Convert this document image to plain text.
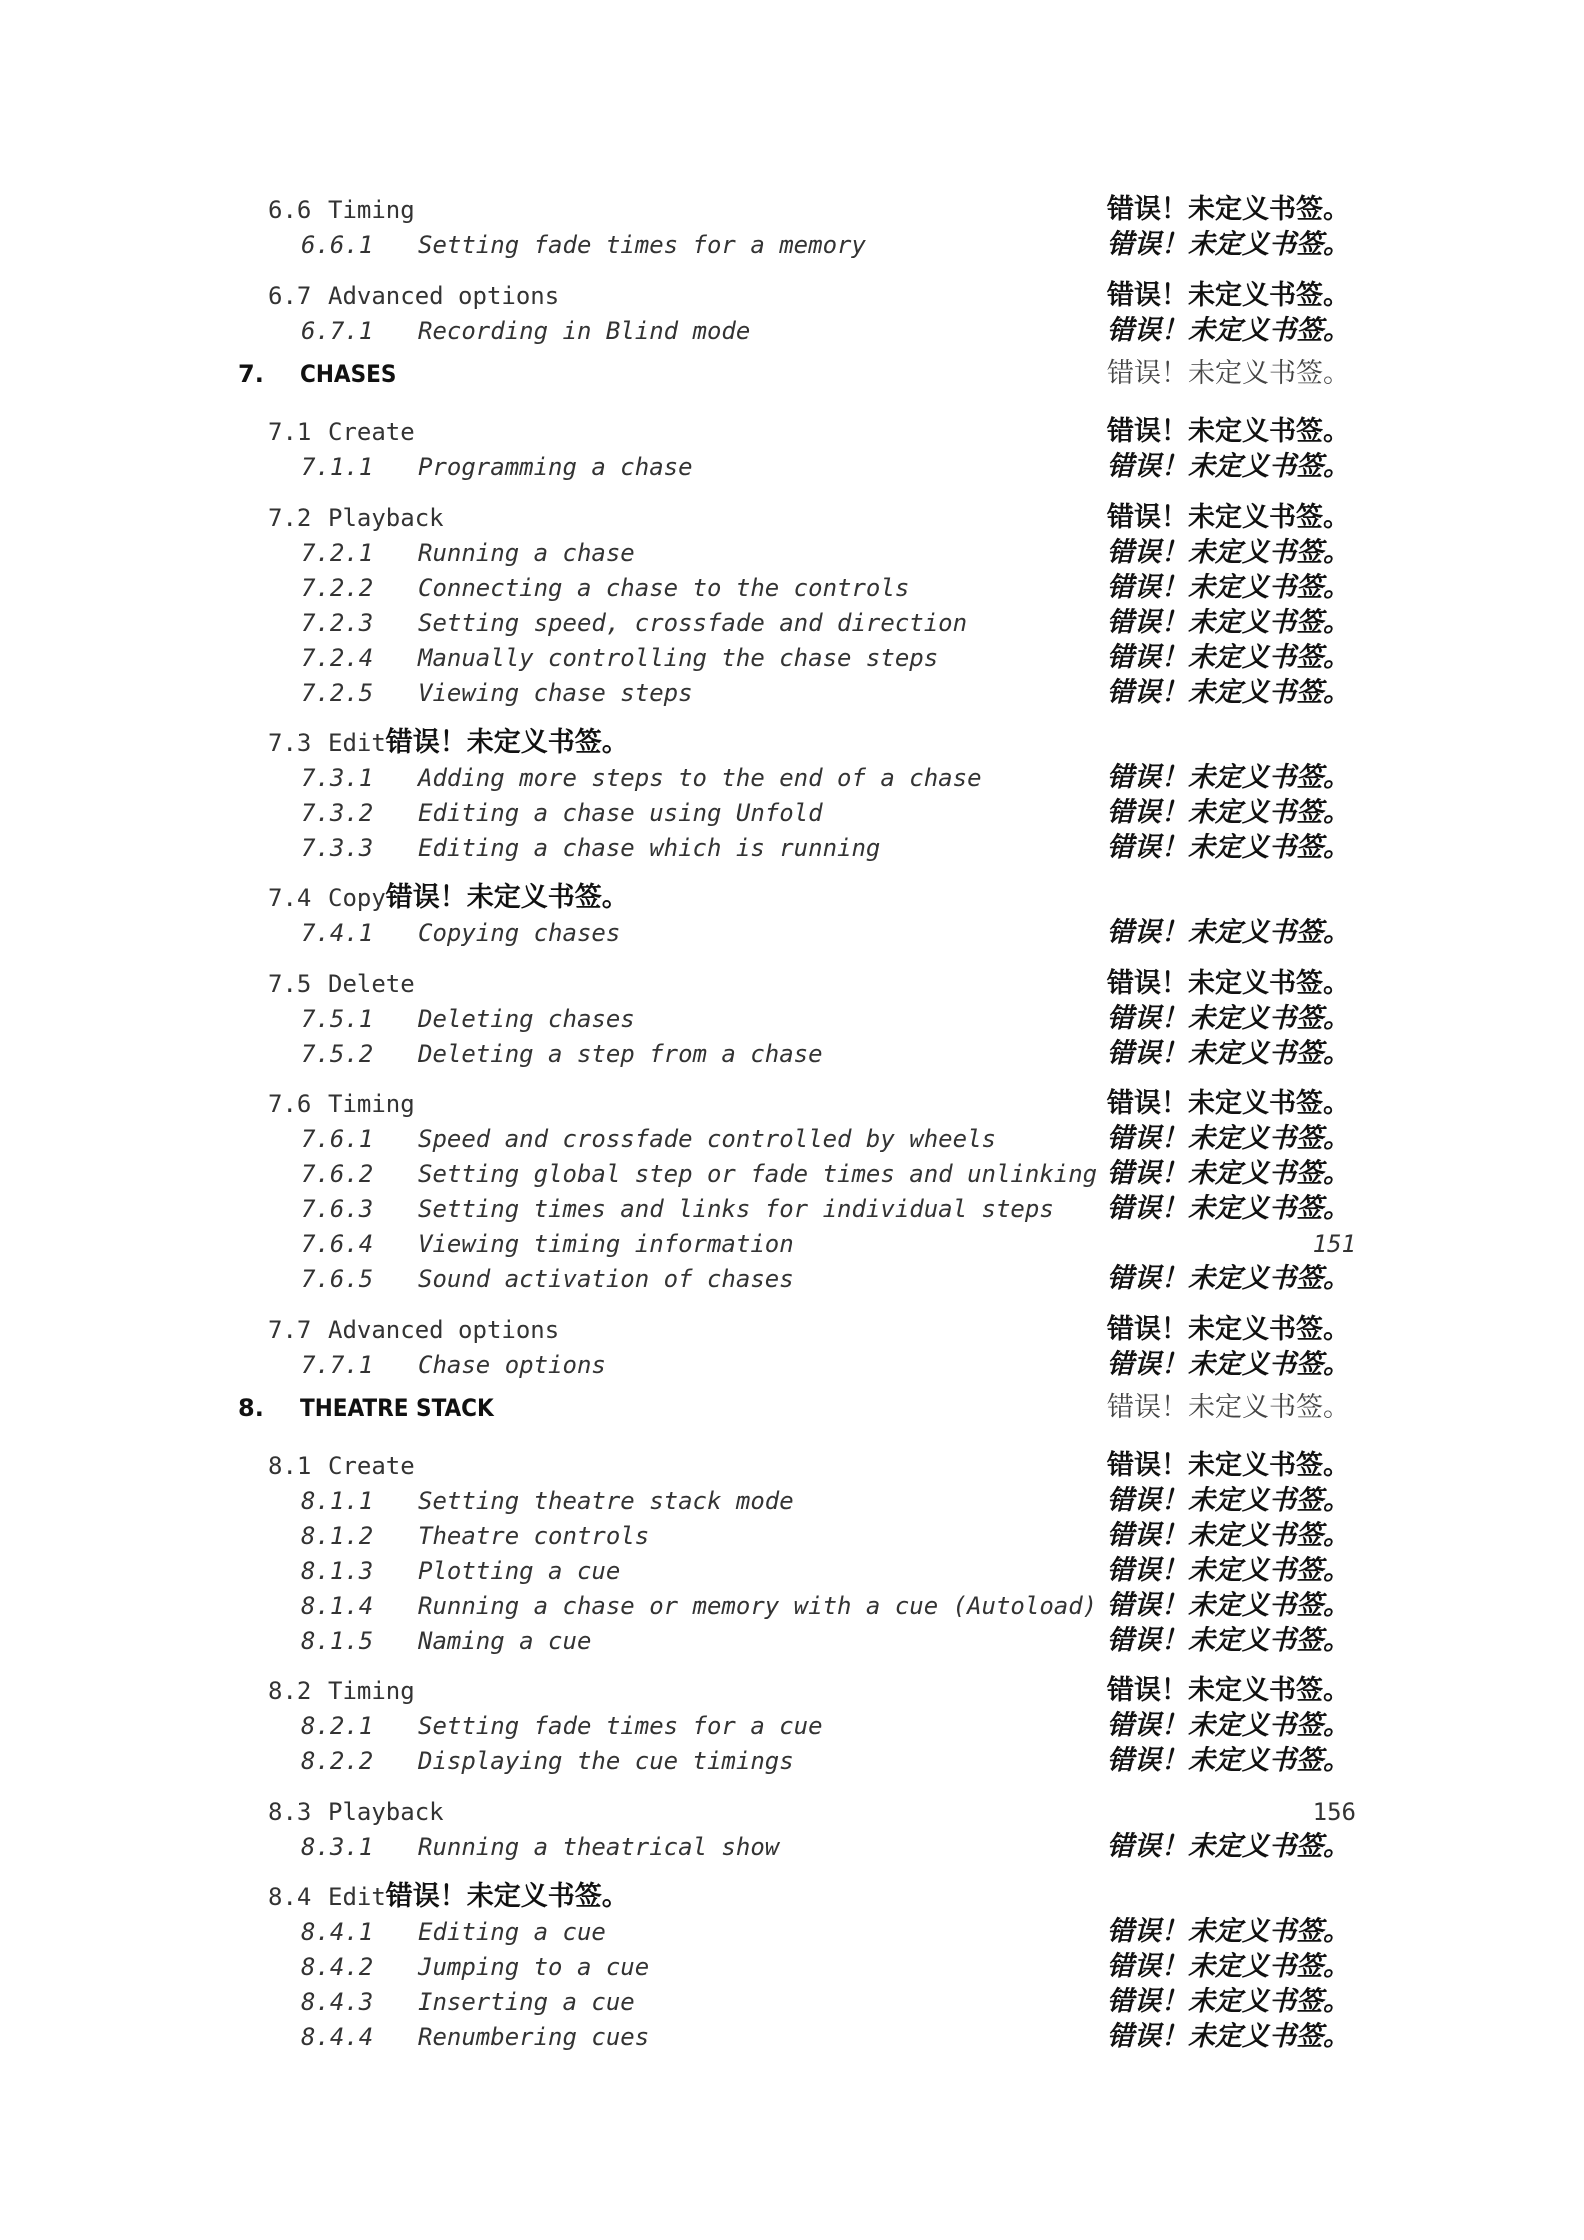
6.6 Timing	错误！未定义书签。
6.6.1 Setting fade times for a memory	错误！未定义书签。
6.7 Advanced options	错误！未定义书签。
6.7.1 Recording in Blind mode	错误！未定义书签。
7. CHASES	错误！未定义书签。
7.1 Create	错误！未定义书签。
7.1.1 Programming a chase	错误！未定义书签。
7.2 Playback	错误！未定义书签。
7.2.1 Running a chase	错误！未定义书签。
7.2.2 Connecting a chase to the controls	错误！未定义书签。
7.2.3 Setting speed, crossfade and direction	错误！未定义书签。
7.2.4 Manually controlling the chase steps	错误！未定义书签。
7.2.5 Viewing chase steps	错误！未定义书签。
7.3 Edit错误！未定义书签。
7.3.1 Adding more steps to the end of a chase	错误！未定义书签。
7.3.2 Editing a chase using Unfold	错误！未定义书签。
7.3.3 Editing a chase which is running	错误！未定义书签。
7.4 Copy错误！未定义书签。
7.4.1 Copying chases	错误！未定义书签。
7.5 Delete	错误！未定义书签。
7.5.1 Deleting chases	错误！未定义书签。
7.5.2 Deleting a step from a chase	错误！未定义书签。
7.6 Timing	错误！未定义书签。
7.6.1 Speed and crossfade controlled by wheels	错误！未定义书签。
7.6.2 Setting global step or fade times and unlinking 错误！未定义书签。
7.6.3 Setting times and links for individual steps 错误！未定义书签。
7.6.4 Viewing timing information	151
7.6.5 Sound activation of chases	错误！未定义书签。
7.7 Advanced options	错误！未定义书签。
7.7.1 Chase options	错误！未定义书签。
8. THEATRE STACK	错误！未定义书签。
8.1 Create	错误！未定义书签。
8.1.1 Setting theatre stack mode	错误！未定义书签。
8.1.2 Theatre controls	错误！未定义书签。
8.1.3 Plotting a cue	错误！未定义书签。
8.1.4 Running a chase or memory with a cue (Autoload) 错误！未定义书签。
8.1.5 Naming a cue	错误！未定义书签。
8.2 Timing	错误！未定义书签。
8.2.1 Setting fade times for a cue	错误！未定义书签。
8.2.2 Displaying the cue timings	错误！未定义书签。
8.3 Playback	156
8.3.1 Running a theatrical show	错误！未定义书签。
8.4 Edit错误！未定义书签。
8.4.1 Editing a cue	错误！未定义书签。
8.4.2 Jumping to a cue	错误！未定义书签。
8.4.3 Inserting a cue	错误！未定义书签。
8.4.4 Renumbering cues	错误！未定义书签。
